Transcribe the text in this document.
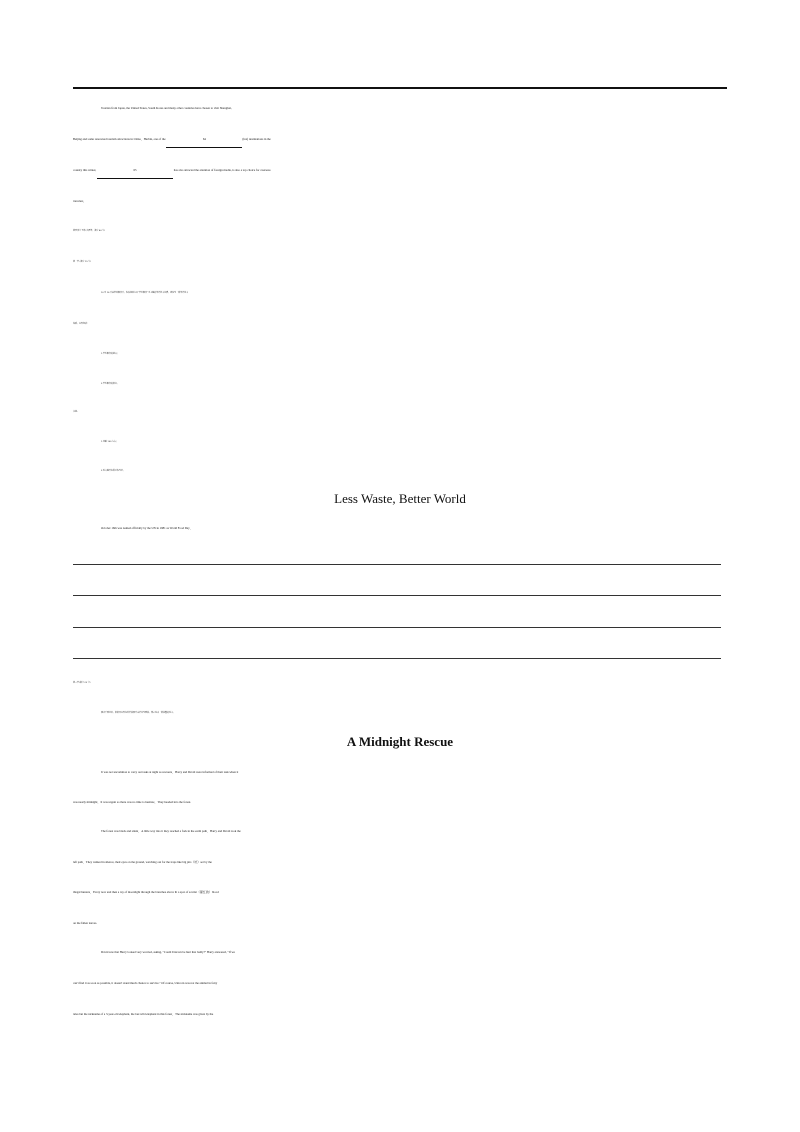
Tourists from Japan, the United States, South Korea and many other countries have chosen to visit Shanghai,
Beijing and some renowned tourism attractions in China．Harbin, one of the	64	(hot) destinations in the
country this winter,	65	has also attracted the attention of foreign media, is also a top choice for overseas
travelers．
第四部分 写作(共两节，满分 40 分)
第一节 (满分 15 分)
10 月 16 日是世界粮食日，你校将举办以“节约粮食”为主题的英语征文比赛，请你写一篇英语短文
投稿，内容包括：
1.节约粮食的意义；
2.节约粮食的倡议。
注意:
1.词数 100 左右；
2.短文题目和首已你写好。
Less Waste, Better World
October 16th was named officially by the UN in 1981 as World Food Day．
第二节(满分 25 分)
阅读下面材料，根据其内容和所给段落开头语续写两段，使之构成一篇完整的短文。
A Midnight Rescue
It was not uncommon to carry out tasks at night as rescuers．Harry and David were informed of their task when it
was nearly midnight．It was urgent so there was no time to hesitate．They headed into the forest.
The forest was black and silent．A little way into it they reached a fork in the earth path．Harry and David took the
left path．They walked in silence, their eyes on the ground, watching out for the traps like big pits（坑）set by the
illegal hunters．Every now and then a ray of moonlight through the branches above lit a spot of scarlet（猩红的）blood
on the fallen leaves.
David saw that Harry looked very worried, asking, "Could Unicorn be hurt that badly?" Harry answered, "If we
can't find it as soon as possible, it doesn't stand much chance to survive." Of course, Unicorn was not the animal in fairy
tales but the nickname of a 3-year-old elephant, the last wild elephant in this forest．The nickname was given by the
